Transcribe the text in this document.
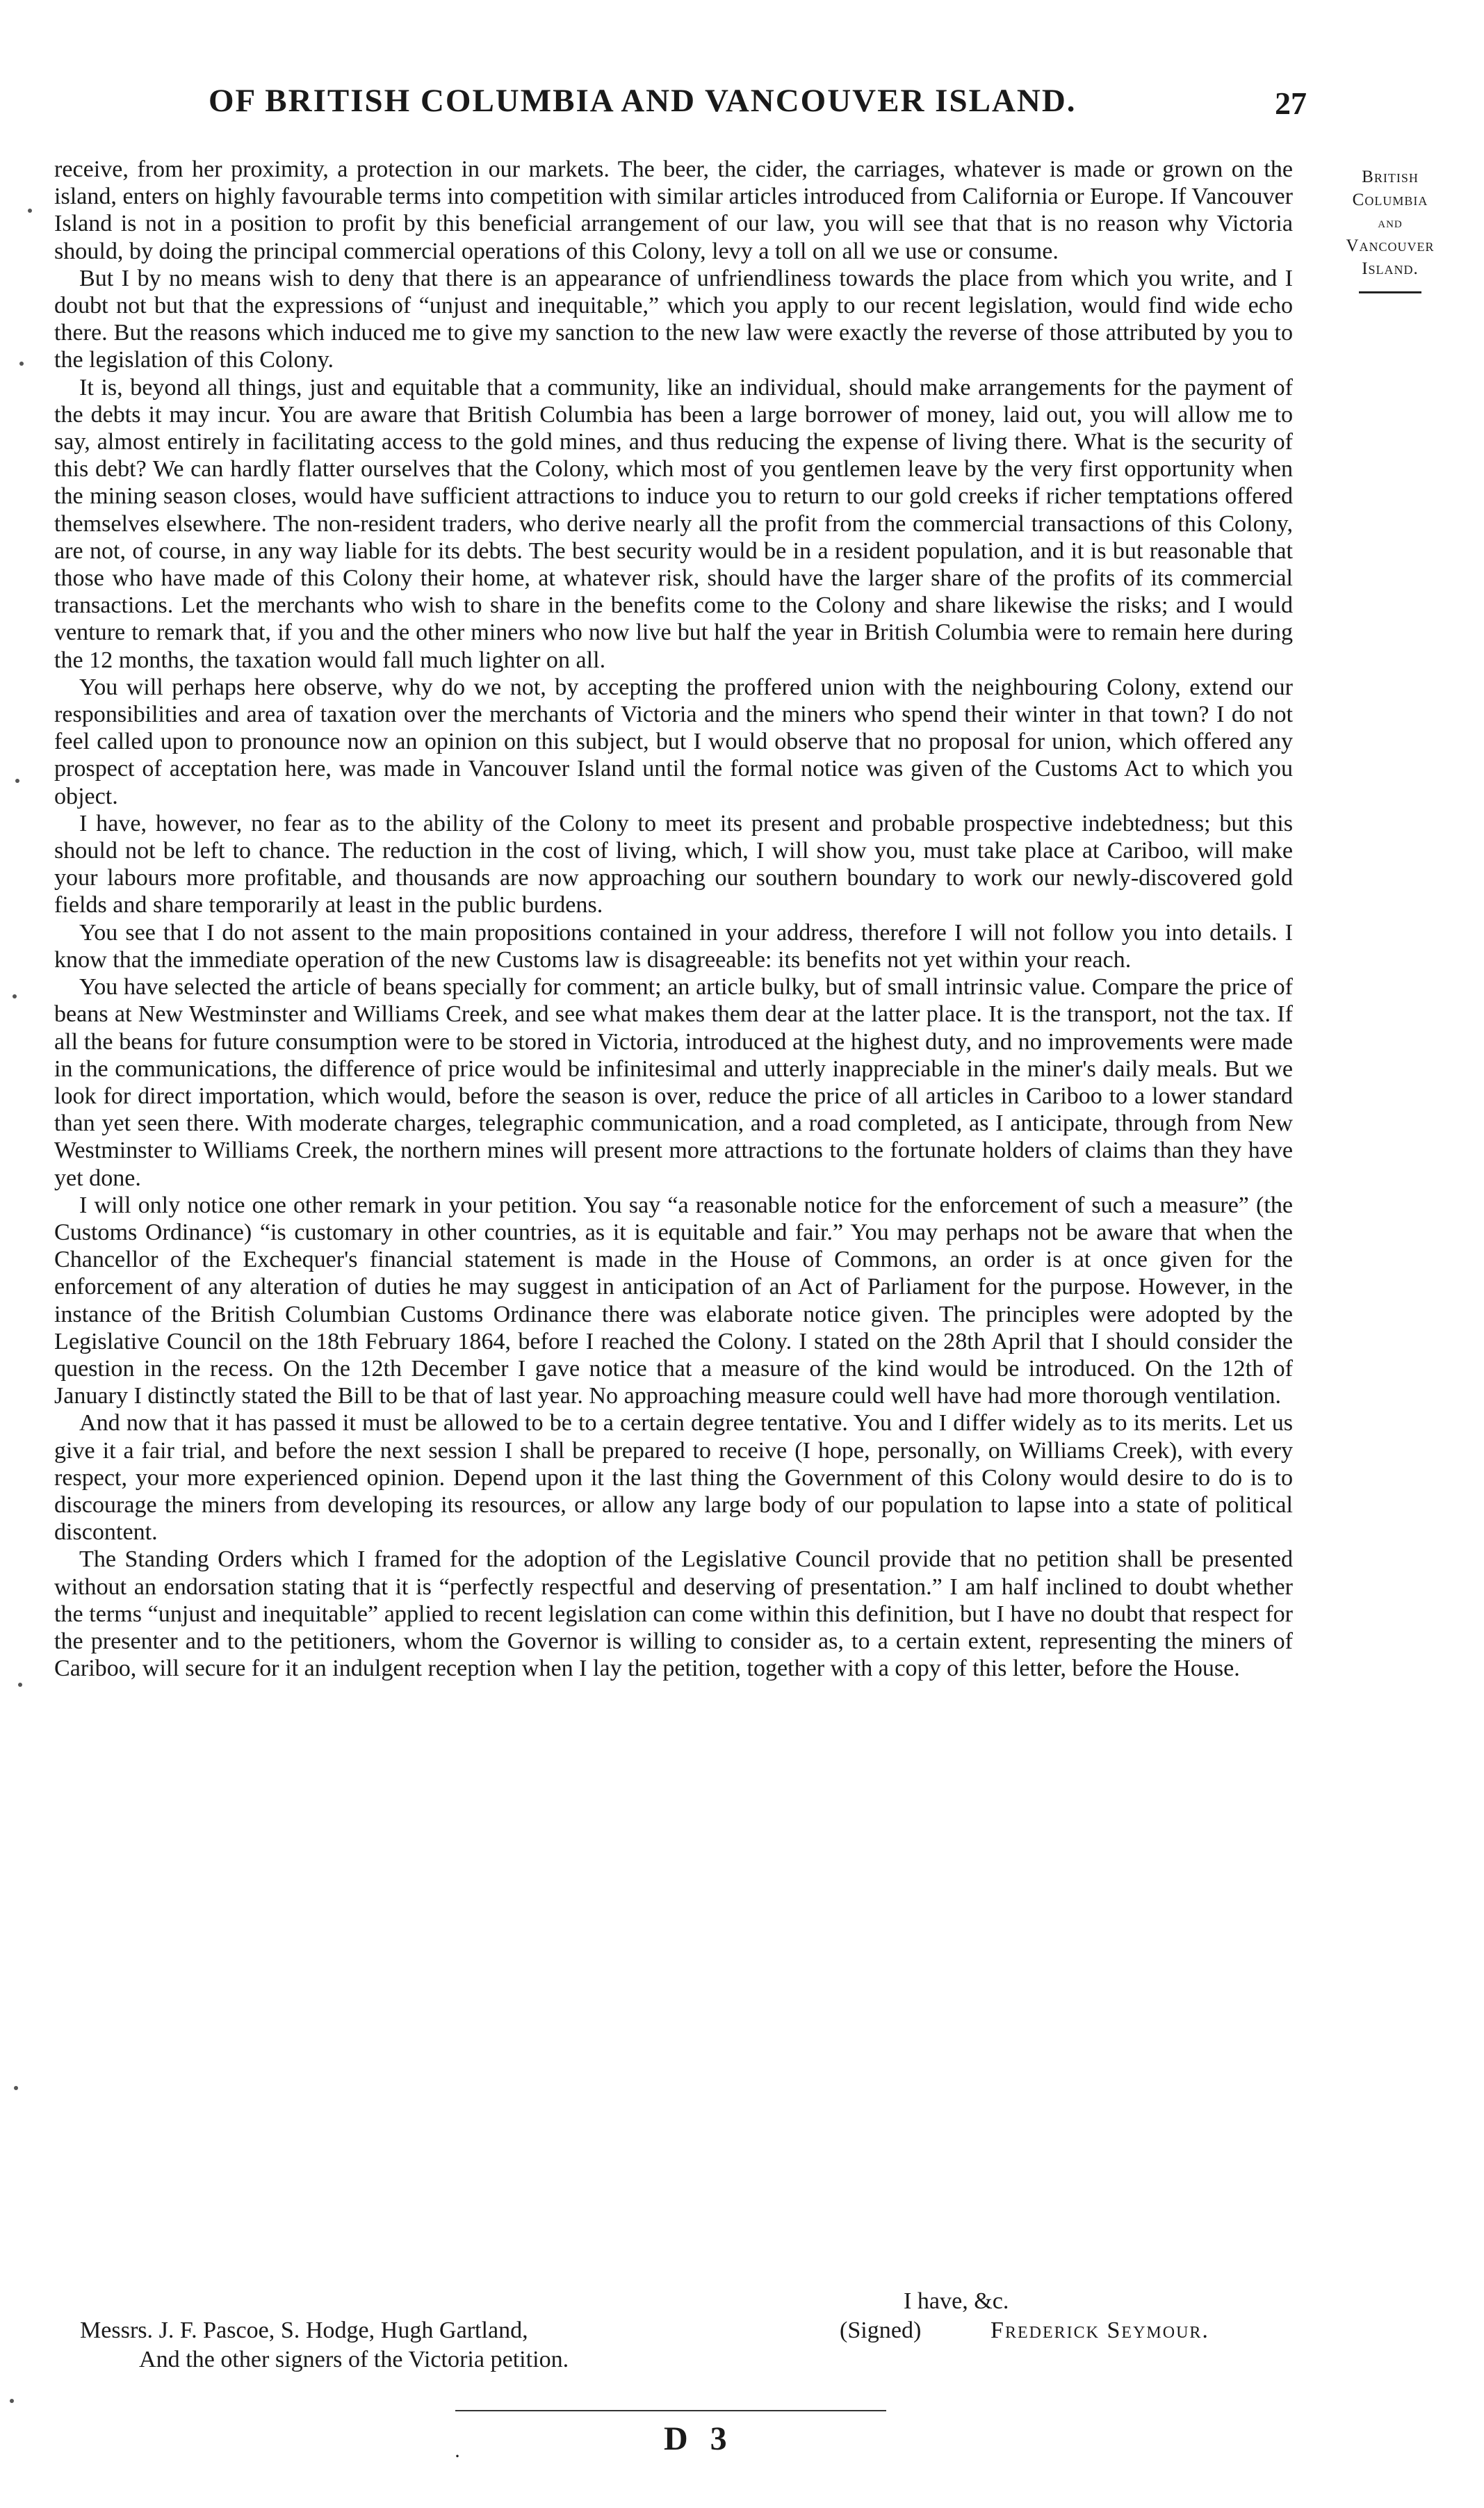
OF BRITISH COLUMBIA AND VANCOUVER ISLAND.	27
British
Columbia
and
Vancouver
Island.

receive, from her proximity, a protection in our markets. The beer, the cider, the carriages, whatever is made or grown on the island, enters on highly favourable terms into competition with similar articles introduced from California or Europe. If Vancouver Island is not in a position to profit by this beneficial arrangement of our law, you will see that that is no reason why Victoria should, by doing the principal commercial operations of this Colony, levy a toll on all we use or consume.

But I by no means wish to deny that there is an appearance of unfriendliness towards the place from which you write, and I doubt not but that the expressions of “unjust and inequitable,” which you apply to our recent legislation, would find wide echo there. But the reasons which induced me to give my sanction to the new law were exactly the reverse of those attributed by you to the legislation of this Colony.

It is, beyond all things, just and equitable that a community, like an individual, should make arrangements for the payment of the debts it may incur. You are aware that British Columbia has been a large borrower of money, laid out, you will allow me to say, almost entirely in facilitating access to the gold mines, and thus reducing the expense of living there. What is the security of this debt? We can hardly flatter ourselves that the Colony, which most of you gentlemen leave by the very first opportunity when the mining season closes, would have sufficient attractions to induce you to return to our gold creeks if richer temptations offered themselves elsewhere. The non-resident traders, who derive nearly all the profit from the commercial transactions of this Colony, are not, of course, in any way liable for its debts. The best security would be in a resident population, and it is but reasonable that those who have made of this Colony their home, at whatever risk, should have the larger share of the profits of its commercial transactions. Let the merchants who wish to share in the benefits come to the Colony and share likewise the risks; and I would venture to remark that, if you and the other miners who now live but half the year in British Columbia were to remain here during the 12 months, the taxation would fall much lighter on all.

You will perhaps here observe, why do we not, by accepting the proffered union with the neighbouring Colony, extend our responsibilities and area of taxation over the merchants of Victoria and the miners who spend their winter in that town? I do not feel called upon to pronounce now an opinion on this subject, but I would observe that no proposal for union, which offered any prospect of acceptation here, was made in Vancouver Island until the formal notice was given of the Customs Act to which you object.

I have, however, no fear as to the ability of the Colony to meet its present and probable prospective indebtedness; but this should not be left to chance. The reduction in the cost of living, which, I will show you, must take place at Cariboo, will make your labours more profitable, and thousands are now approaching our southern boundary to work our newly-discovered gold fields and share temporarily at least in the public burdens.

You see that I do not assent to the main propositions contained in your address, therefore I will not follow you into details. I know that the immediate operation of the new Customs law is disagreeable: its benefits not yet within your reach.

You have selected the article of beans specially for comment; an article bulky, but of small intrinsic value. Compare the price of beans at New Westminster and Williams Creek, and see what makes them dear at the latter place. It is the transport, not the tax. If all the beans for future consumption were to be stored in Victoria, introduced at the highest duty, and no improvements were made in the communications, the difference of price would be infinitesimal and utterly inappreciable in the miner's daily meals. But we look for direct importation, which would, before the season is over, reduce the price of all articles in Cariboo to a lower standard than yet seen there. With moderate charges, telegraphic communication, and a road completed, as I anticipate, through from New Westminster to Williams Creek, the northern mines will present more attractions to the fortunate holders of claims than they have yet done.

I will only notice one other remark in your petition. You say “a reasonable notice for the enforcement of such a measure” (the Customs Ordinance) “is customary in other countries, as it is equitable and fair.” You may perhaps not be aware that when the Chancellor of the Exchequer's financial statement is made in the House of Commons, an order is at once given for the enforcement of any alteration of duties he may suggest in anticipation of an Act of Parliament for the purpose. However, in the instance of the British Columbian Customs Ordinance there was elaborate notice given. The principles were adopted by the Legislative Council on the 18th February 1864, before I reached the Colony. I stated on the 28th April that I should consider the question in the recess. On the 12th December I gave notice that a measure of the kind would be introduced. On the 12th of January I distinctly stated the Bill to be that of last year. No approaching measure could well have had more thorough ventilation.

And now that it has passed it must be allowed to be to a certain degree tentative. You and I differ widely as to its merits. Let us give it a fair trial, and before the next session I shall be prepared to receive (I hope, personally, on Williams Creek), with every respect, your more experienced opinion. Depend upon it the last thing the Government of this Colony would desire to do is to discourage the miners from developing its resources, or allow any large body of our population to lapse into a state of political discontent.

The Standing Orders which I framed for the adoption of the Legislative Council provide that no petition shall be presented without an endorsation stating that it is “perfectly respectful and deserving of presentation.” I am half inclined to doubt whether the terms “unjust and inequitable” applied to recent legislation can come within this definition, but I have no doubt that respect for the presenter and to the petitioners, whom the Governor is willing to consider as, to a certain extent, representing the miners of Cariboo, will secure for it an indulgent reception when I lay the petition, together with a copy of this letter, before the House.

I have, &c.
Messrs. J. F. Pascoe, S. Hodge, Hugh Gartland,	(Signed)	Frederick Seymour.
And the other signers of the Victoria petition.
·	D 3
